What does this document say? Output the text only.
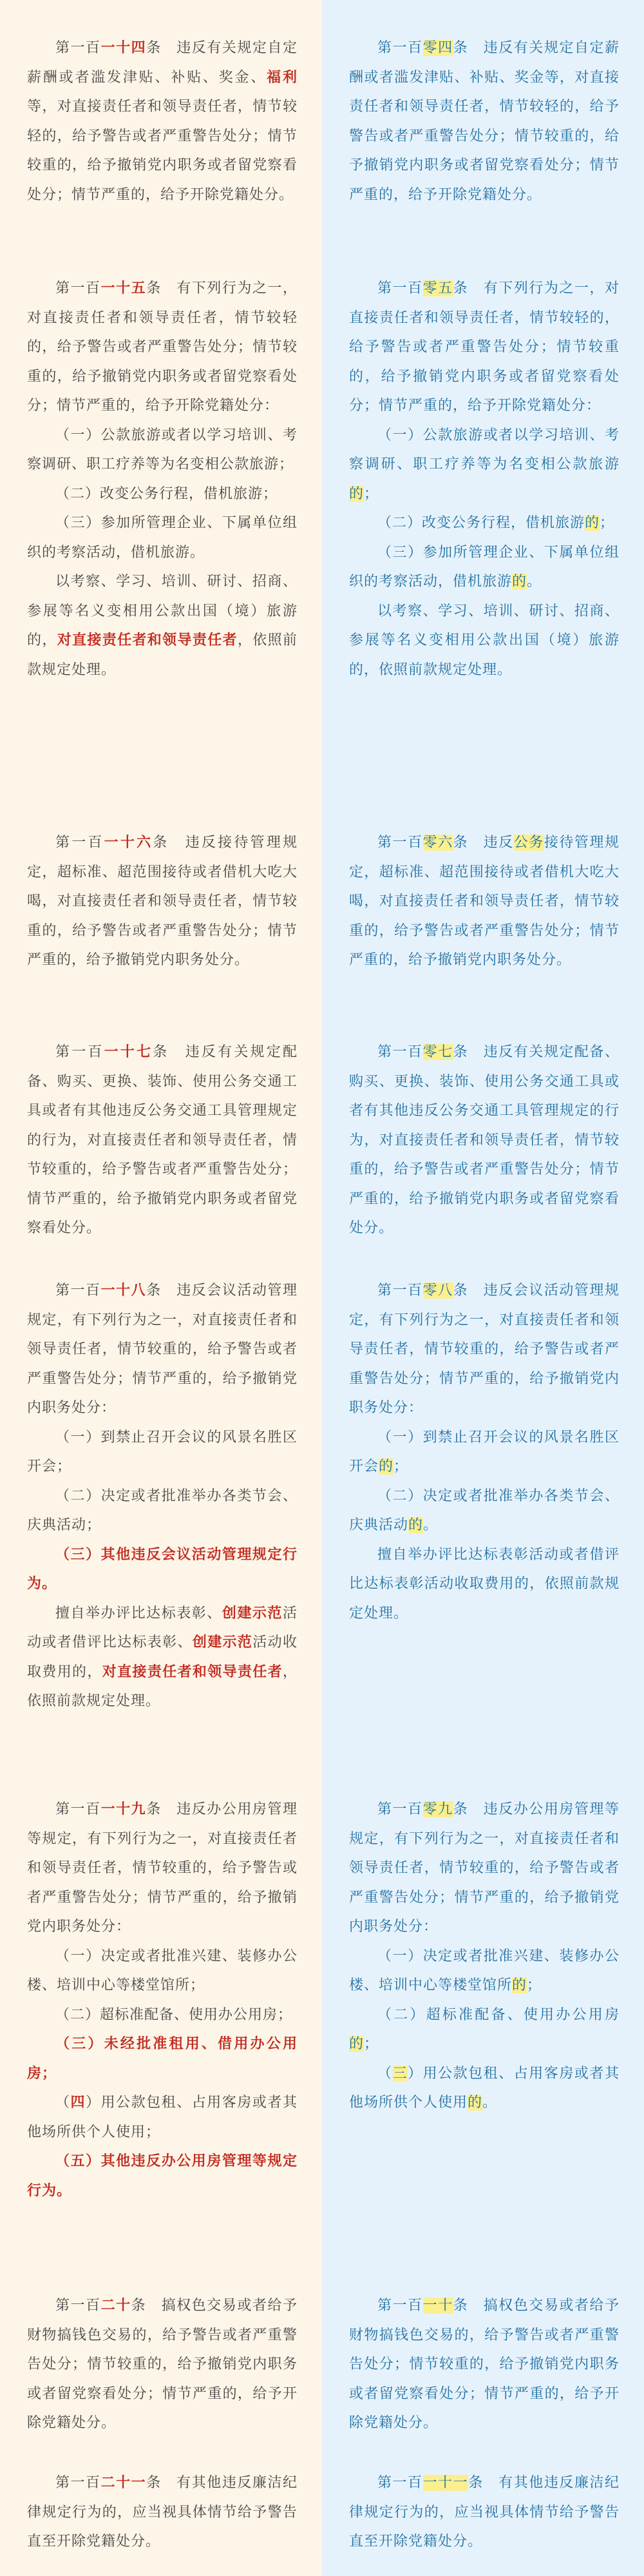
第一百一十四条　违反有关规定自定薪酬或者滥发津贴、补贴、奖金、福利等，对直接责任者和领导责任者，情节较轻的，给予警告或者严重警告处分；情节较重的，给予撤销党内职务或者留党察看处分；情节严重的，给予开除党籍处分。

第一百一十五条　有下列行为之一，对直接责任者和领导责任者，情节较轻的，给予警告或者严重警告处分；情节较重的，给予撤销党内职务或者留党察看处分；情节严重的，给予开除党籍处分：

（一）公款旅游或者以学习培训、考察调研、职工疗养等为名变相公款旅游；

（二）改变公务行程，借机旅游；

（三）参加所管理企业、下属单位组织的考察活动，借机旅游。

以考察、学习、培训、研讨、招商、参展等名义变相用公款出国（境）旅游的，对直接责任者和领导责任者，依照前款规定处理。

第一百一十六条　违反接待管理规定，超标准、超范围接待或者借机大吃大喝，对直接责任者和领导责任者，情节较重的，给予警告或者严重警告处分；情节严重的，给予撤销党内职务处分。

第一百一十七条　违反有关规定配备、购买、更换、装饰、使用公务交通工具或者有其他违反公务交通工具管理规定的行为，对直接责任者和领导责任者，情节较重的，给予警告或者严重警告处分；情节严重的，给予撤销党内职务或者留党察看处分。

第一百一十八条　违反会议活动管理规定，有下列行为之一，对直接责任者和领导责任者，情节较重的，给予警告或者严重警告处分；情节严重的，给予撤销党内职务处分：

（一）到禁止召开会议的风景名胜区开会；

（二）决定或者批准举办各类节会、庆典活动；

（三）其他违反会议活动管理规定行为。

擅自举办评比达标表彰、创建示范活动或者借评比达标表彰、创建示范活动收取费用的，对直接责任者和领导责任者，依照前款规定处理。

第一百一十九条　违反办公用房管理等规定，有下列行为之一，对直接责任者和领导责任者，情节较重的，给予警告或者严重警告处分；情节严重的，给予撤销党内职务处分：

（一）决定或者批准兴建、装修办公楼、培训中心等楼堂馆所；

（二）超标准配备、使用办公用房；

（三）未经批准租用、借用办公用房；

（四）用公款包租、占用客房或者其他场所供个人使用；

（五）其他违反办公用房管理等规定行为。

第一百二十条　搞权色交易或者给予财物搞钱色交易的，给予警告或者严重警告处分；情节较重的，给予撤销党内职务或者留党察看处分；情节严重的，给予开除党籍处分。

第一百二十一条　有其他违反廉洁纪律规定行为的，应当视具体情节给予警告直至开除党籍处分。

第一百零四条　违反有关规定自定薪酬或者滥发津贴、补贴、奖金等，对直接责任者和领导责任者，情节较轻的，给予警告或者严重警告处分；情节较重的，给予撤销党内职务或者留党察看处分；情节严重的，给予开除党籍处分。

第一百零五条　有下列行为之一，对直接责任者和领导责任者，情节较轻的，给予警告或者严重警告处分；情节较重的，给予撤销党内职务或者留党察看处分；情节严重的，给予开除党籍处分：

（一）公款旅游或者以学习培训、考察调研、职工疗养等为名变相公款旅游的；

（二）改变公务行程，借机旅游的；

（三）参加所管理企业、下属单位组织的考察活动，借机旅游的。

以考察、学习、培训、研讨、招商、参展等名义变相用公款出国（境）旅游的，依照前款规定处理。

第一百零六条　违反公务接待管理规定，超标准、超范围接待或者借机大吃大喝，对直接责任者和领导责任者，情节较重的，给予警告或者严重警告处分；情节严重的，给予撤销党内职务处分。

第一百零七条　违反有关规定配备、购买、更换、装饰、使用公务交通工具或者有其他违反公务交通工具管理规定的行为，对直接责任者和领导责任者，情节较重的，给予警告或者严重警告处分；情节严重的，给予撤销党内职务或者留党察看处分。

第一百零八条　违反会议活动管理规定，有下列行为之一，对直接责任者和领导责任者，情节较重的，给予警告或者严重警告处分；情节严重的，给予撤销党内职务处分：

（一）到禁止召开会议的风景名胜区开会的；

（二）决定或者批准举办各类节会、庆典活动的。

擅自举办评比达标表彰活动或者借评比达标表彰活动收取费用的，依照前款规定处理。

第一百零九条　违反办公用房管理等规定，有下列行为之一，对直接责任者和领导责任者，情节较重的，给予警告或者严重警告处分；情节严重的，给予撤销党内职务处分：

（一）决定或者批准兴建、装修办公楼、培训中心等楼堂馆所的；

（二）超标准配备、使用办公用房的；

（三）用公款包租、占用客房或者其他场所供个人使用的。

第一百一十条　搞权色交易或者给予财物搞钱色交易的，给予警告或者严重警告处分；情节较重的，给予撤销党内职务或者留党察看处分；情节严重的，给予开除党籍处分。

第一百一十一条　有其他违反廉洁纪律规定行为的，应当视具体情节给予警告直至开除党籍处分。
